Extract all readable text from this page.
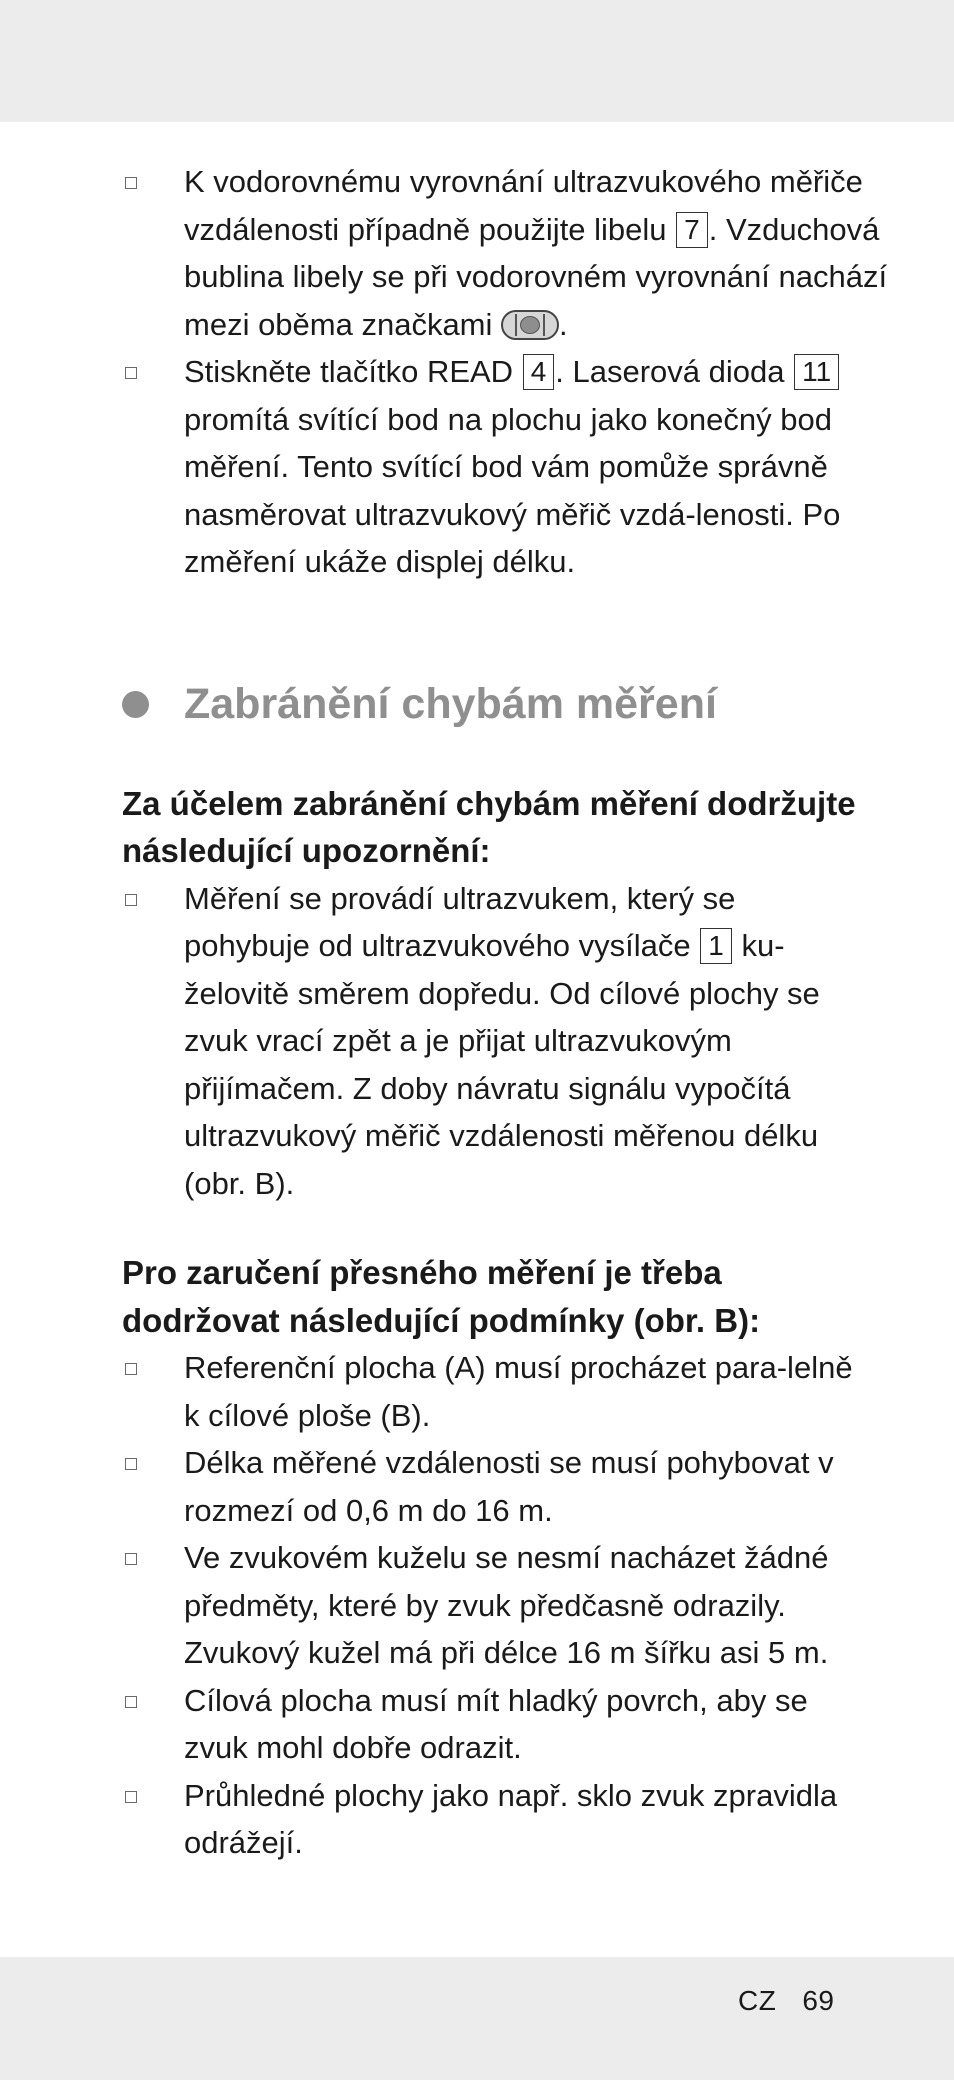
K vodorovnému vyrovnání ultrazvukového měřiče vzdálenosti případně použijte libelu 7 . Vzduchová bublina libely se při vodorovném vyrovnání nachází mezi oběma značkami .
Stiskněte tlačítko READ 4 . Laserová dioda 11 promítá svítící bod na plochu jako konečný bod měření. Tento svítící bod vám pomůže správně nasměrovat ultrazvukový měřič vzdá-lenosti. Po změření ukáže displej délku.
Zabránění chybám měření
Za účelem zabránění chybám měření dodržujte následující upozornění:
Měření se provádí ultrazvukem, který se pohybuje od ultrazvukového vysílače 1 ku-želovitě směrem dopředu. Od cílové plochy se zvuk vrací zpět a je přijat ultrazvukovým přijímačem. Z doby návratu signálu vypočítá ultrazvukový měřič vzdálenosti měřenou délku (obr. B).
Pro zaručení přesného měření je třeba dodržovat následující podmínky (obr. B):
Referenční plocha (A) musí procházet para-lelně k cílové ploše (B).
Délka měřené vzdálenosti se musí pohybovat v rozmezí od 0,6 m do 16 m.
Ve zvukovém kuželu se nesmí nacházet žádné předměty, které by zvuk předčasně odrazily. Zvukový kužel má při délce 16 m šířku asi 5 m.
Cílová plocha musí mít hladký povrch, aby se zvuk mohl dobře odrazit.
Průhledné plochy jako např. sklo zvuk zpravidla odrážejí.
CZ 69
